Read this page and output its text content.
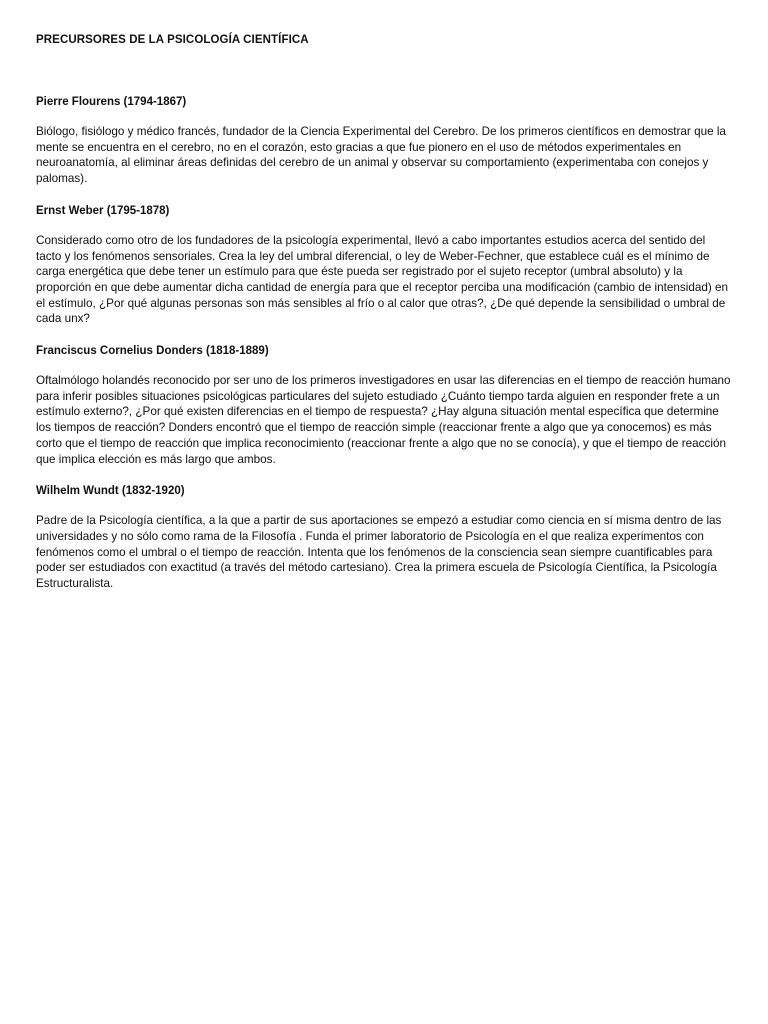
PRECURSORES DE LA PSICOLOGÍA CIENTÍFICA
Pierre Flourens (1794-1867)

Biólogo, fisiólogo y médico francés, fundador de la Ciencia Experimental del Cerebro. De los primeros científicos en demostrar que la mente se encuentra en el cerebro, no en el corazón, esto gracias a que fue pionero en el uso de métodos experimentales en neuroanatomía, al eliminar áreas definidas del cerebro de un animal y observar su comportamiento (experimentaba con conejos y palomas).

Ernst Weber (1795-1878)

Considerado como otro de los fundadores de la psicología experimental, llevó a cabo importantes estudios acerca del sentido del tacto y los fenómenos sensoriales. Crea la ley del umbral diferencial, o ley de Weber-Fechner, que establece cuál es el mínimo de carga energética que debe tener un estímulo para que éste pueda ser registrado por el sujeto receptor (umbral absoluto) y la proporción en que debe aumentar dicha cantidad de energía para que el receptor perciba una modificación (cambio de intensidad) en el estímulo, ¿Por qué algunas personas son más sensibles al frío o al calor que otras?, ¿De qué depende la sensibilidad o umbral de cada unx?

Franciscus Cornelius Donders (1818-1889)

Oftalmólogo holandés reconocido por ser uno de los primeros investigadores en usar las diferencias en el tiempo de reacción humano para inferir posibles situaciones psicológicas particulares del sujeto estudiado ¿Cuánto tiempo tarda alguien en responder frete a un estímulo externo?, ¿Por qué existen diferencias en el tiempo de respuesta? ¿Hay alguna situación mental específica que determine los tiempos de reacción? Donders encontró que el tiempo de reacción simple (reaccionar frente a algo que ya conocemos) es más corto que el tiempo de reacción que implica reconocimiento (reaccionar frente a algo que no se conocía), y que el tiempo de reacción que implica elección es más largo que ambos.

Wilhelm Wundt (1832-1920)

Padre de la Psicología científica, a la que a partir de sus aportaciones se empezó a estudiar como ciencia en sí misma dentro de las universidades y no sólo como rama de la Filosofía . Funda el primer laboratorio de Psicología en el que realiza experimentos con fenómenos como el umbral o el tiempo de reacción. Intenta que los fenómenos de la consciencia sean siempre cuantificables para poder ser estudiados con exactitud (a través del método cartesiano). Crea la primera escuela de Psicología Científica, la Psicología Estructuralista.
